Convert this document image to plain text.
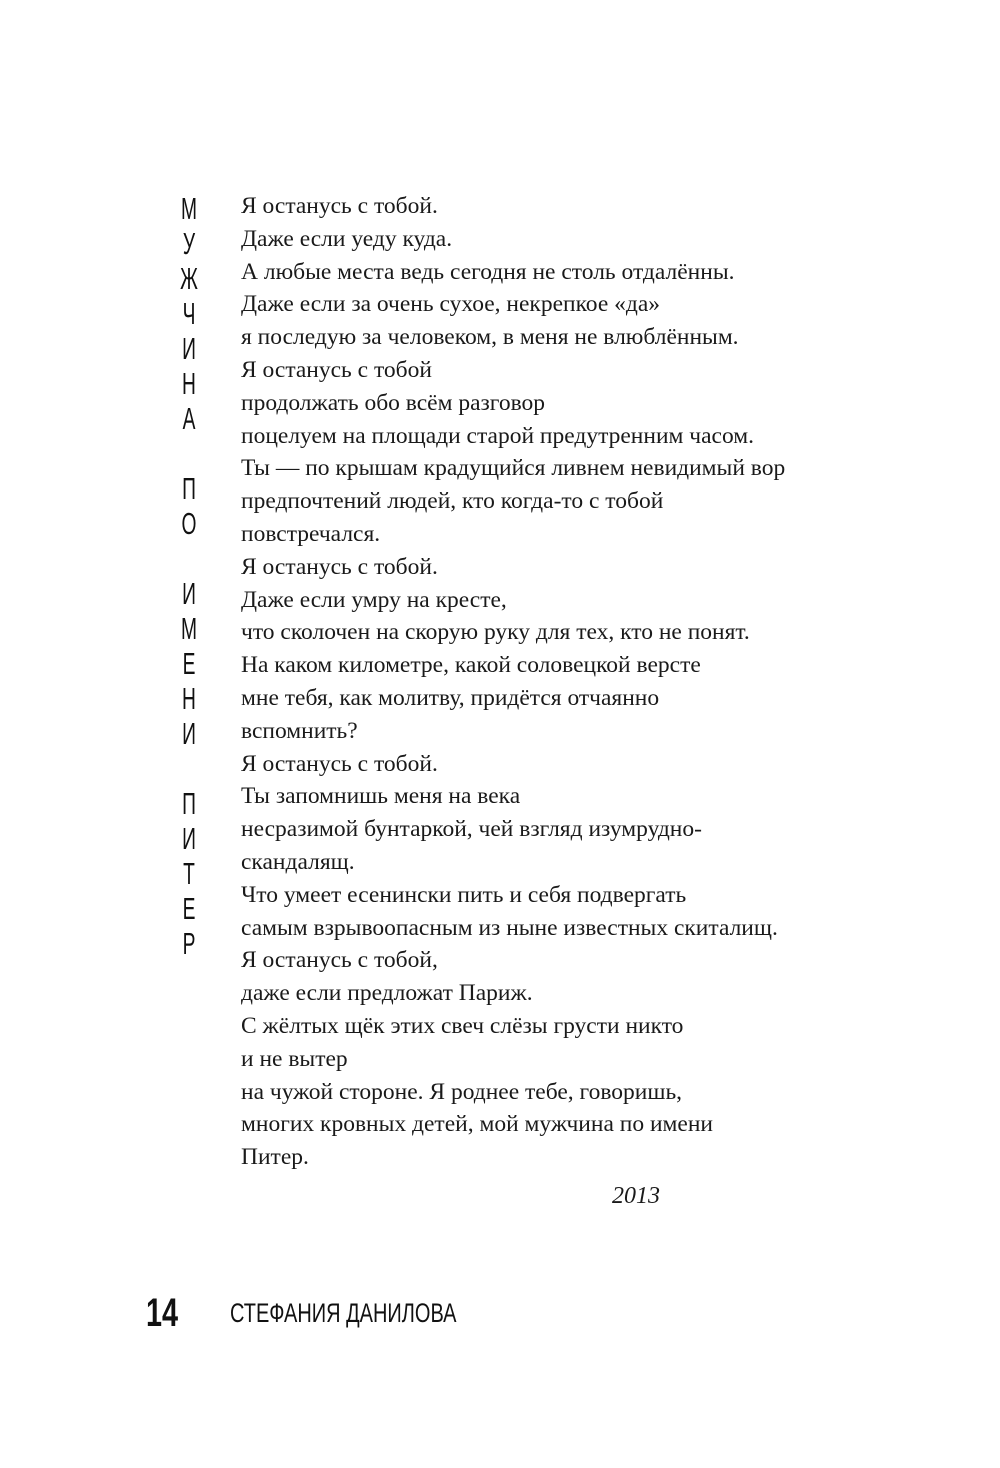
М
У
Ж
Ч
И
Н
А
П
О
И
М
Е
Н
И
П
И
Т
Е
Р
Я останусь с тобой.
Даже если уеду куда.
А любые места ведь сегодня не столь отдалённы.
Даже если за очень сухое, некрепкое «да»
я последую за человеком, в меня не влюблённым.
Я останусь с тобой
продолжать обо всём разговор
поцелуем на площади старой предутренним часом.
Ты — по крышам крадущийся ливнем невидимый вор
предпочтений людей, кто когда-то с тобой
повстречался.
Я останусь с тобой.
Даже если умру на кресте,
что сколочен на скорую руку для тех, кто не понят.
На каком километре, какой соловецкой версте
мне тебя, как молитву, придётся отчаянно
вспомнить?
Я останусь с тобой.
Ты запомнишь меня на века
несразимой бунтаркой, чей взгляд изумрудно-
скандалящ.
Что умеет есенински пить и себя подвергать
самым взрывоопасным из ныне известных скиталищ.
Я останусь с тобой,
даже если предложат Париж.
С жёлтых щёк этих свеч слёзы грусти никто
и не вытер
на чужой стороне. Я роднее тебе, говоришь,
многих кровных детей, мой мужчина по имени
Питер.
2013
14	СТЕФАНИЯ ДАНИЛОВА
